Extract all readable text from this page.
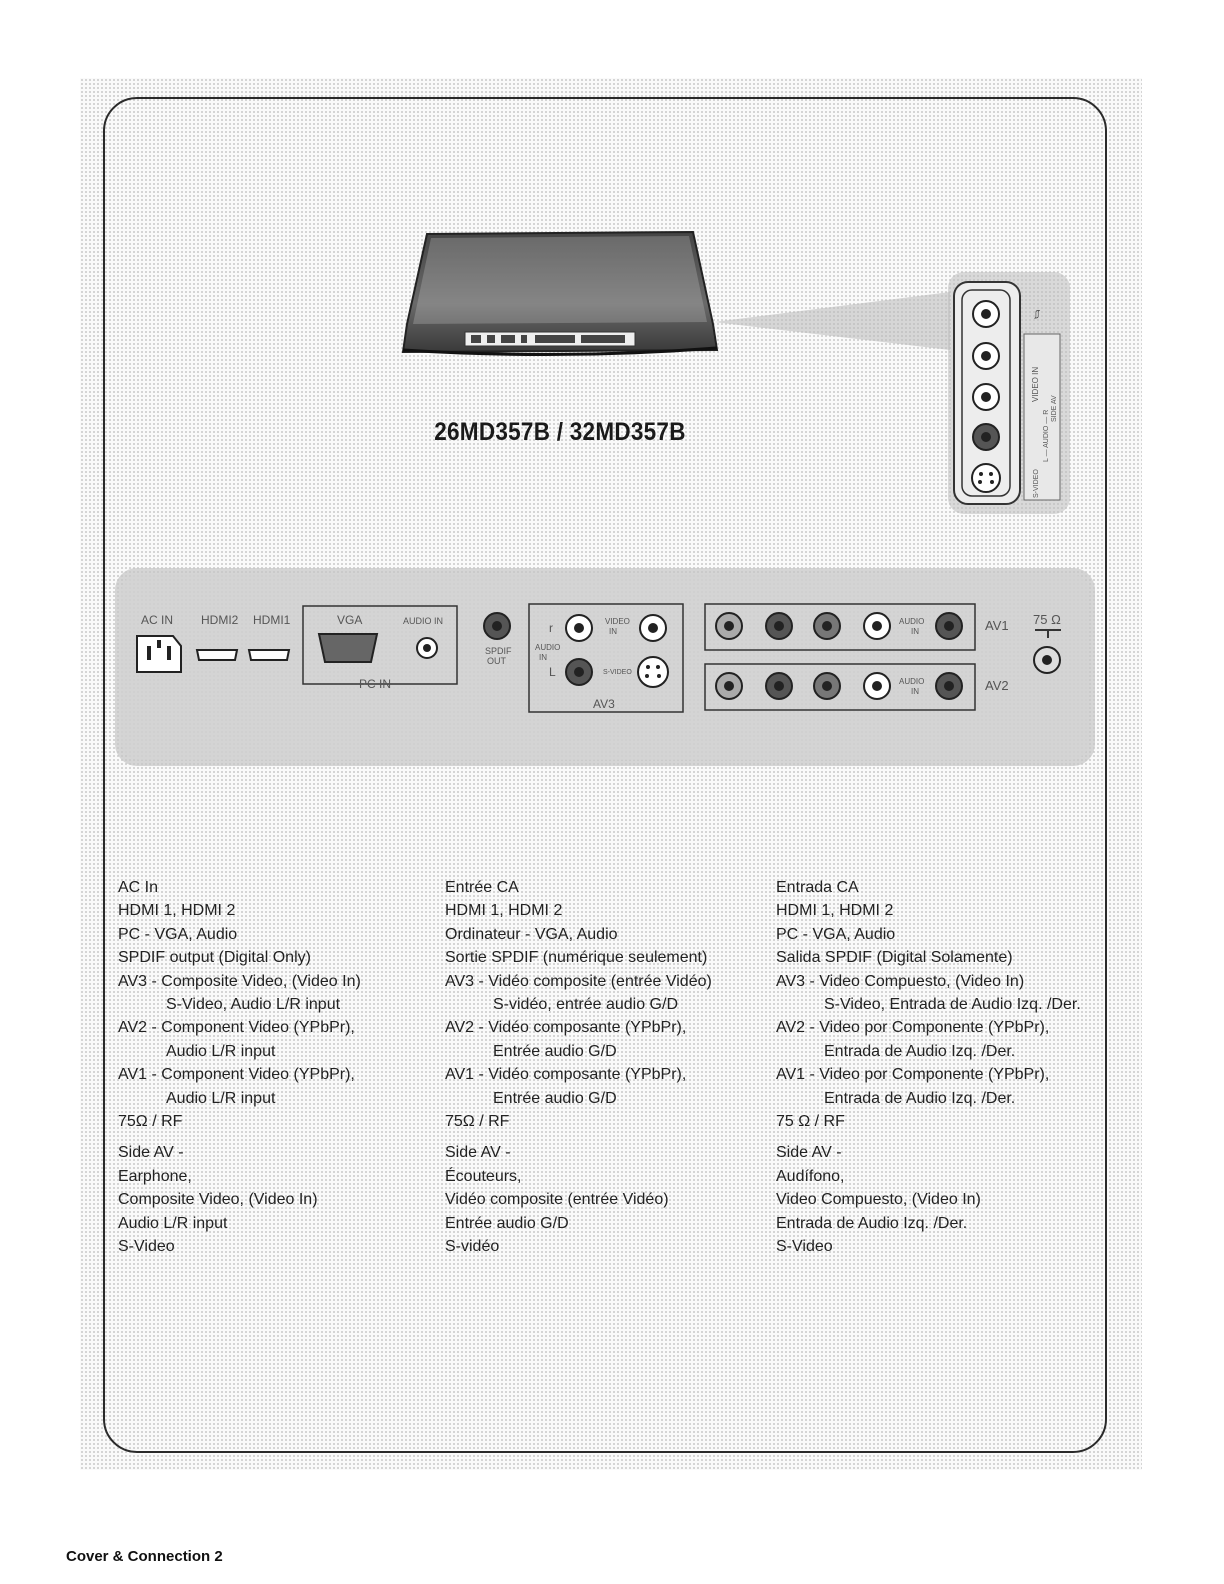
26MD357B / 32MD357B
⎎
VIDEO IN
L — AUDIO — R
SIDE AV
S-VIDEO
AC IN HDMI2 HDMI1	VGA	AUDIO IN
PC IN
SPDIF
OUT
r	VIDEO
IN
AUDIO
IN
L	S-VIDEO
AV3
AUDIO
IN	AV1
AUDIO
IN	AV2
75 Ω
AC In
HDMI 1, HDMI 2
PC - VGA, Audio
SPDIF output (Digital Only)
AV3 - Composite Video, (Video In)
S-Video, Audio L/R input
AV2 - Component Video (YPbPr),
Audio L/R input
AV1 - Component Video (YPbPr),
Audio L/R input
75Ω / RF
Side AV -
Earphone,
Composite Video, (Video In)
Audio L/R input
S-Video
Entrée CA
HDMI 1, HDMI 2
Ordinateur - VGA, Audio
Sortie SPDIF (numérique seulement)
AV3 - Vidéo composite (entrée Vidéo)
S-vidéo, entrée audio G/D
AV2 - Vidéo composante (YPbPr),
Entrée audio G/D
AV1 - Vidéo composante (YPbPr),
Entrée audio G/D
75Ω / RF
Side AV -
Écouteurs,
Vidéo composite (entrée Vidéo)
Entrée audio G/D
S-vidéo
Entrada CA
HDMI 1, HDMI 2
PC - VGA, Audio
Salida SPDIF (Digital Solamente)
AV3 - Video Compuesto, (Video In)
S-Video, Entrada de Audio Izq. /Der.
AV2 - Video por Componente (YPbPr),
Entrada de Audio Izq. /Der.
AV1 - Video por Componente (YPbPr),
Entrada de Audio Izq. /Der.
75 Ω / RF
Side AV -
Audífono,
Video Compuesto, (Video In)
Entrada de Audio Izq. /Der.
S-Video
Cover & Connection 2
